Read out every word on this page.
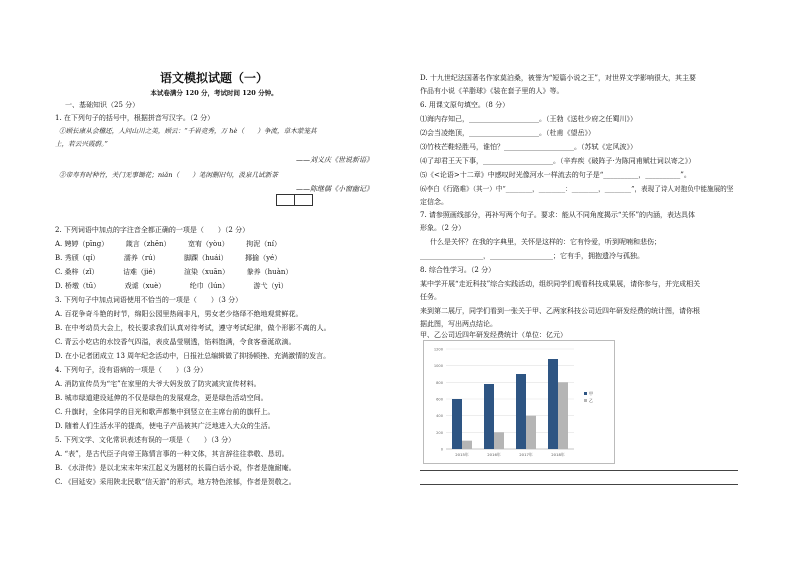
语文模拟试题（一）
本试卷满分 120 分，考试时间 120 分钟。
一、基础知识（25 分）
1. 在下列句子的括号中，根据拼音写汉字。（2 分）
①顾长康从会稽还，人问山川之美，顾云：“千岩竞秀，万 hè（　　）争流，草木蒙笼其
上，若云兴霞蔚。”
——刘义庆《世说新语》
②帝寿有时种竹，关门无事锄花；niǎn（　　）笔闲删旧句，汲泉几试新茶
——陈继儒《小窗幽记》
2. 下列词语中加点的字注音全都正确的一项是（　　）（2 分）
A. 娉婷（pīng）　　　箴言（zhēn）　　　宽宥（yòu）　　　拘泥（ní）
B. 秀颀（qí）　　　　濡养（rú）　　　　脚踝（huái）　　　揶揄（yé）
C. 桑梓（zǐ）　　　　诘难（jié）　　　　渲染（xuān）　　　豢养（huàn）
D. 桥墩（tū）　　　　戏谑（xuè）　　　　纶巾（lún）　　　　游弋（yì）
3. 下列句子中加点词语使用不恰当的一项是（　　）（3 分）
A. 百花争奇斗艳的时节，绵阳公园里热闹非凡，男女老少络绎不绝地观赏鲜花。
B. 在中考动员大会上，校长要求我们认真对待考试，遵守考试纪律，做个形影不离的人。
C. 青云小吃店的水饺香气四溢，表皮晶莹剔透，馅料饱满，令食客垂涎欲滴。
D. 在小记者团成立 13 周年纪念活动中，日报社总编辑做了抑扬顿挫、充满激情的发言。
4. 下列句子，没有语病的一项是（　　）（3 分）
A. 消防宣传员为“宅”在家里的大爷大妈发放了防灾减灾宣传材料。
B. 城市绿道建设延伸的不仅是绿色的发展观念，更是绿色活动空间。
C. 升旗时，全体同学的目光和歌声都集中到竖立在主席台前的旗杆上。
D. 随着人们生活水平的提高，使电子产品被其广泛地进入大众的生活。
5. 下列文学、文化常识表述有误的一项是（　　）（3 分）
A. “表”，是古代臣子向帝王陈情言事的一种文体，其言辞往往恭敬、恳切。
B. 《水浒传》是以北宋末年宋江起义为题材的长篇白话小说，作者是施耐庵。
C. 《回延安》采用陕北民歌“信天游”的形式，地方特色浓郁，作者是贺敬之。
D. 十九世纪法国著名作家莫泊桑，被誉为“短篇小说之王”，对世界文学影响很大，其主要
作品有小说《羊脂球》《装在套子里的人》等。
6. 用课文原句填空。（8 分）
⑴海内存知己，____________________。（王勃《送杜少府之任蜀川》）
⑵会当凌绝顶，____________________。（杜甫《望岳》）
⑶竹枝芒鞋轻胜马，谁怕？____________________。（苏轼《定风波》）
⑷了却君王天下事，____________________。（辛弃疾《破阵子·为陈同甫赋壮词以寄之》）
⑸《<论语>十二章》中感叹时光像河水一样流去的句子是“__________，__________”。
⑹李白《行路难》（其一）中“________，________：________，________”，表现了诗人对抱负中能施展的坚
定信念。
7. 请参照画线部分，再补写两个句子。要求：能从不同角度揭示“关怀”的内涵，表达具体
形象。（2 分）
什么是关怀？在我的字典里，关怀是这样的：它有怜爱，听到呢喃和悲伤；
__________________，__________________；它有手，拥抱遗冷与孤独。
8. 综合性学习。（2 分）
某中学开展“走近科技”综合实践活动，组织同学们观看科技成果展，请你参与，并完成相关
任务。
来到第二展厅，同学们看到一张关于甲、乙两家科技公司近四年研发经费的统计图，请你根
据此图，写出两点结论。
甲、乙公司近四年研发经费统计（单位：亿元）
0
200
400
600
800
1000
1200
2015年	2016年	2017年	2018年
甲
乙
